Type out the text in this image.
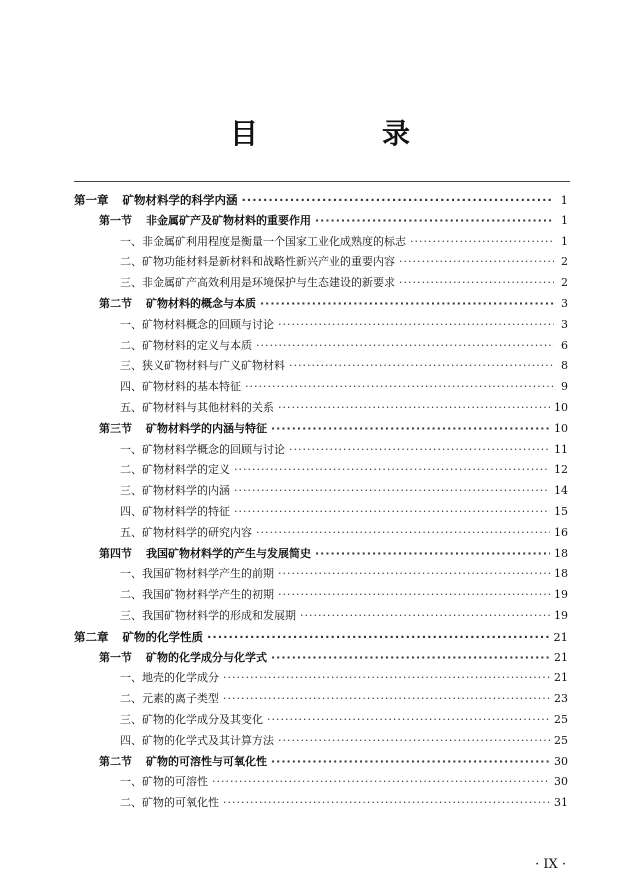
目　录
第一章 矿物材料学的科学内涵 ·····	1
第一节 非金属矿产及矿物材料的重要作用 ·····	1
一、非金属矿利用程度是衡量一个国家工业化成熟度的标志 ·····	1
二、矿物功能材料是新材料和战略性新兴产业的重要内容 ·····	2
三、非金属矿产高效利用是环境保护与生态建设的新要求 ·····	2
第二节 矿物材料的概念与本质 ·····	3
一、矿物材料概念的回顾与讨论 ·····	3
二、矿物材料的定义与本质 ·····	6
三、狭义矿物材料与广义矿物材料 ·····	8
四、矿物材料的基本特征 ·····	9
五、矿物材料与其他材料的关系 ·····	10
第三节 矿物材料学的内涵与特征 ·····	10
一、矿物材料学概念的回顾与讨论 ·····	11
二、矿物材料学的定义 ·····	12
三、矿物材料学的内涵 ·····	14
四、矿物材料学的特征 ·····	15
五、矿物材料学的研究内容 ·····	16
第四节 我国矿物材料学的产生与发展简史 ·····	18
一、我国矿物材料学产生的前期 ·····	18
二、我国矿物材料学产生的初期 ·····	19
三、我国矿物材料学的形成和发展期 ·····	19
第二章 矿物的化学性质 ·····	21
第一节 矿物的化学成分与化学式 ·····	21
一、地壳的化学成分 ·····	21
二、元素的离子类型 ·····	23
三、矿物的化学成分及其变化 ·····	25
四、矿物的化学式及其计算方法 ·····	25
第二节 矿物的可溶性与可氧化性 ·····	30
一、矿物的可溶性 ·····	30
二、矿物的可氧化性 ·····	31
· IX ·
